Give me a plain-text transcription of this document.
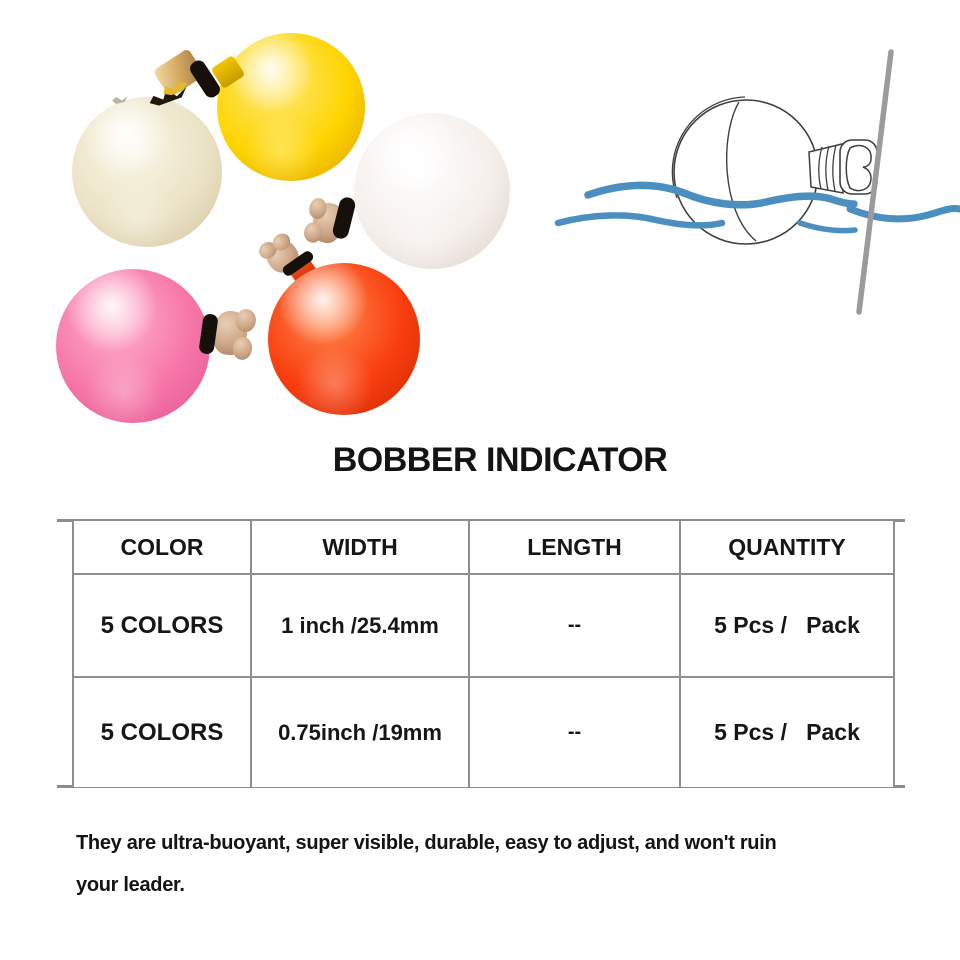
BOBBER INDICATOR
COLOR	WIDTH	LENGTH	QUANTITY
5 COLORS	1 inch /25.4mm	--	5 Pcs /   Pack
5 COLORS	0.75inch /19mm	--	5 Pcs /   Pack
They are ultra-buoyant, super visible, durable, easy to adjust, and won't ruin
your leader.
